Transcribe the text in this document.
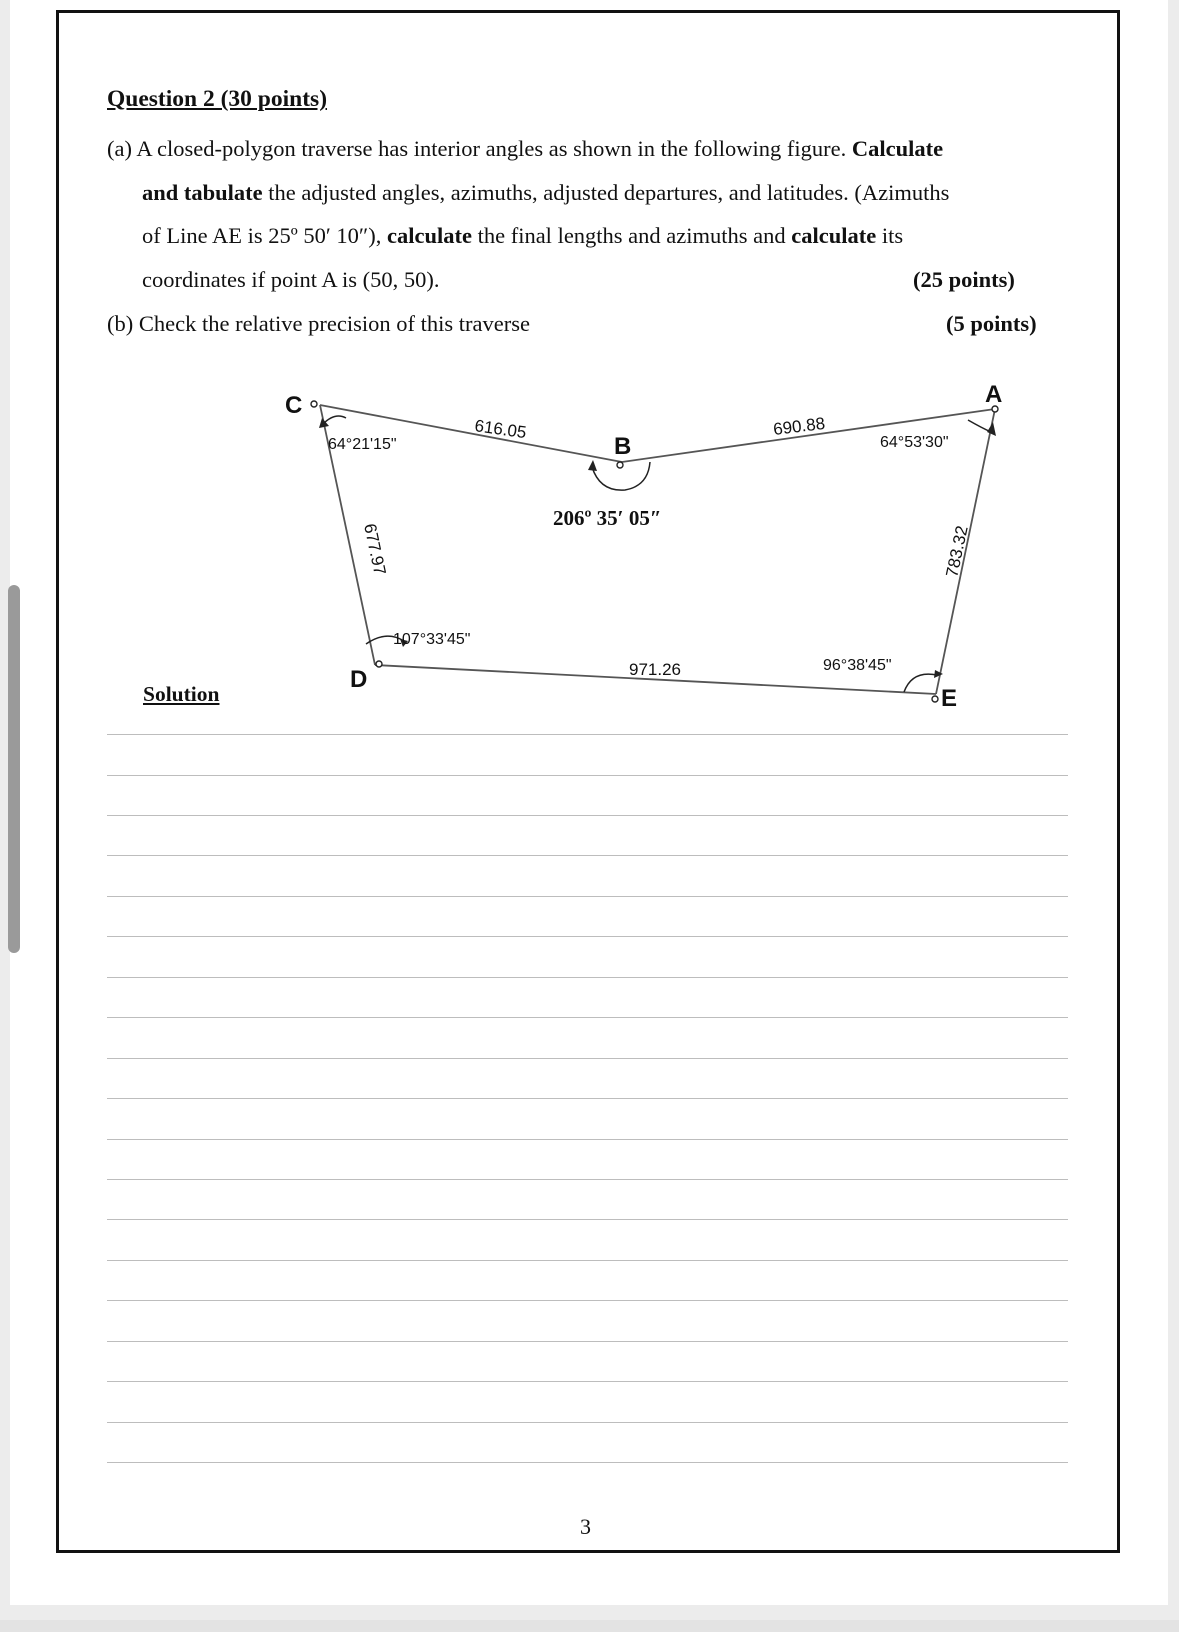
Question 2 (30 points)
(a) A closed-polygon traverse has interior angles as shown in the following figure. Calculate
and tabulate the adjusted angles, azimuths, adjusted departures, and latitudes. (Azimuths
of Line AE is 25º 50′ 10″), calculate the final lengths and azimuths and calculate its
coordinates if point A is (50, 50).	(25 points)
(b) Check the relative precision of this traverse	(5 points)
C
B
A
D
E
616.05	690.88
677.97	783.32
971.26
64°21'15"
206º 35′ 05″
64°53'30"
107°33'45"
96°38'45"
Solution
3
